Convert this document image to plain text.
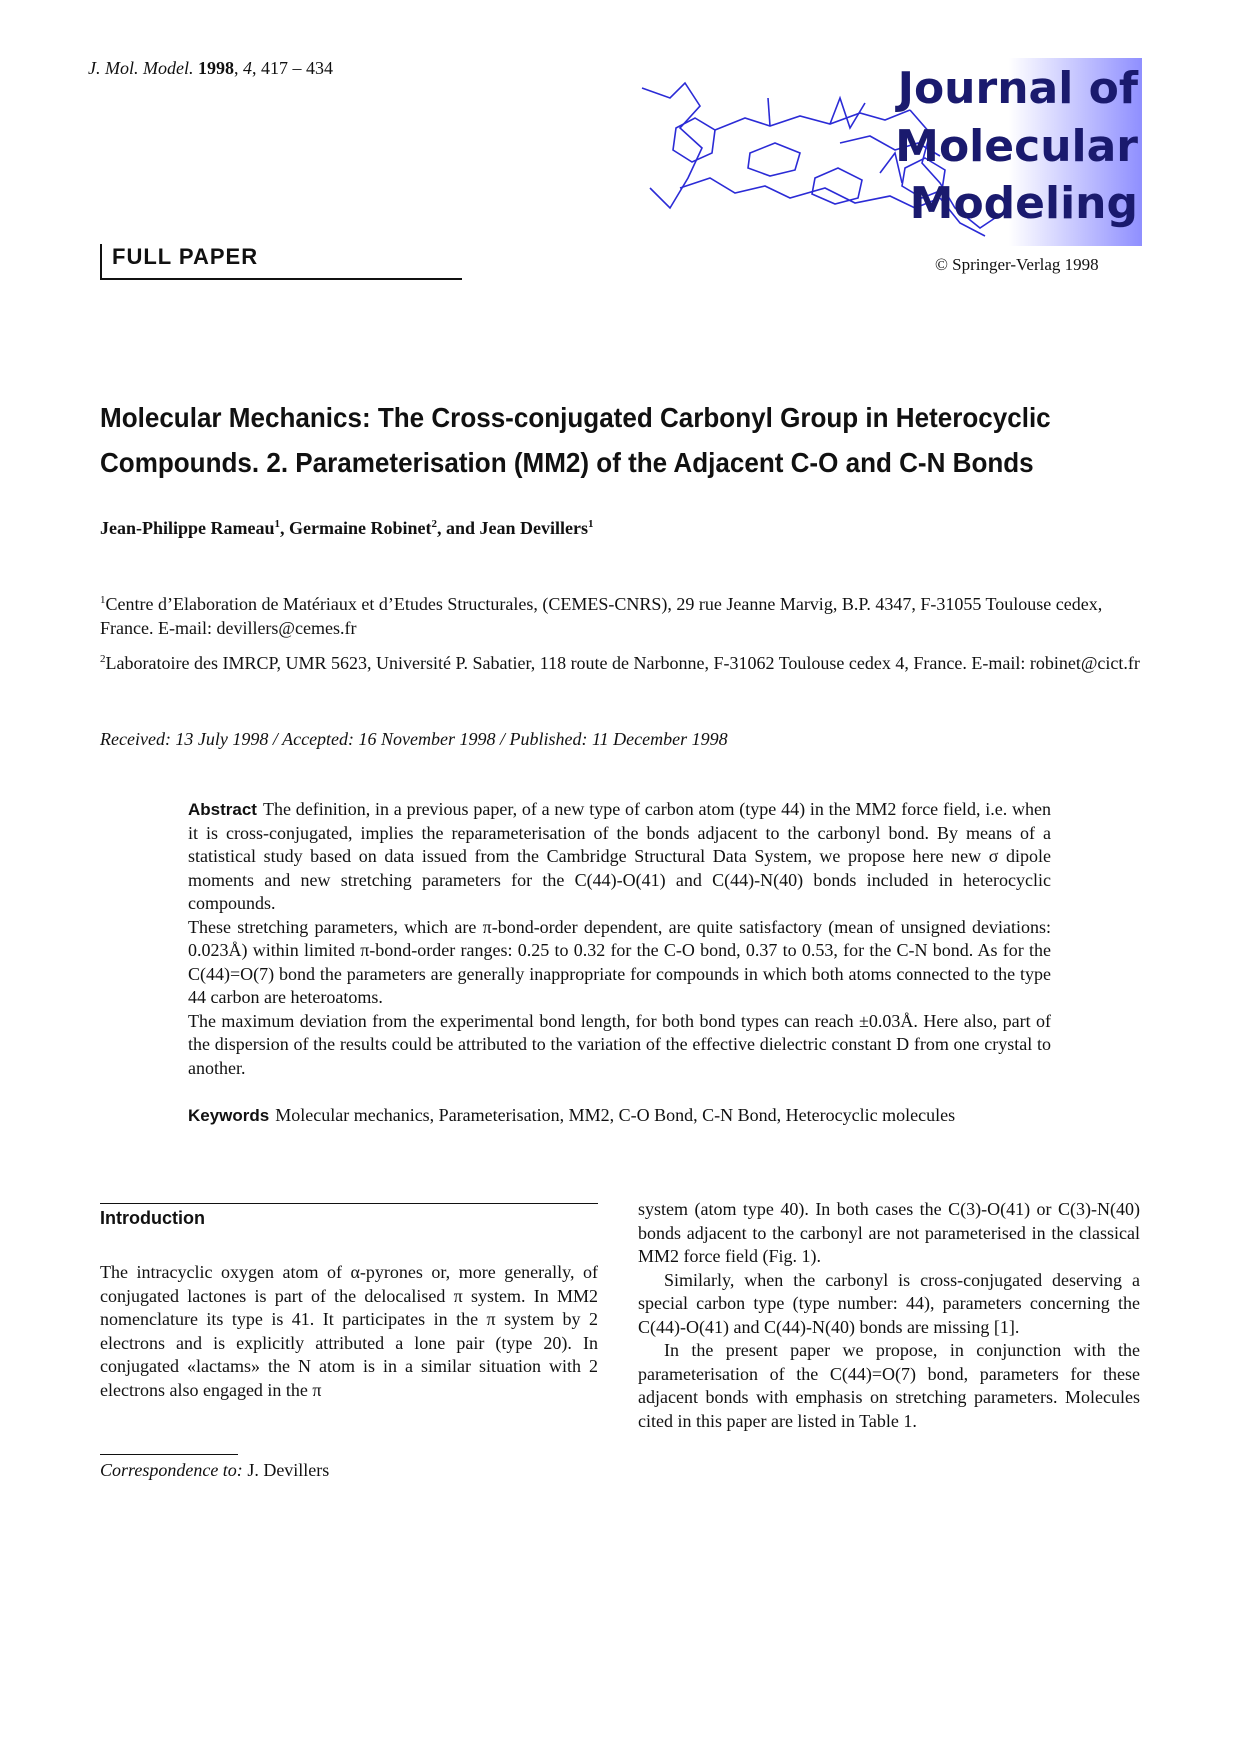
J. Mol. Model. 1998, 4, 417 – 434	Journal of
Molecular
Modeling
© Springer-Verlag 1998
FULL PAPER
Molecular Mechanics: The Cross-conjugated Carbonyl Group in Heterocyclic
Compounds. 2. Parameterisation (MM2) of the Adjacent C-O and C-N Bonds
Jean-Philippe Rameau$^1$, Germaine Robinet$^2$, and Jean Devillers$^1$
$^1$Centre d’Elaboration de Matériaux et d’Etudes Structurales, (CEMES-CNRS), 29 rue Jeanne Marvig, B.P. 4347, F-31055 Toulouse cedex, France. E-mail: devillers@cemes.fr
$^2$Laboratoire des IMRCP, UMR 5623, Université P. Sabatier, 118 route de Narbonne, F-31062 Toulouse cedex 4, France. E-mail: robinet@cict.fr
Received: 13 July 1998 / Accepted: 16 November 1998 / Published: 11 December 1998

Abstract The definition, in a previous paper, of a new type of carbon atom (type 44) in the MM2 force field, i.e. when it is cross-conjugated, implies the reparameterisation of the bonds adjacent to the carbonyl bond. By means of a statistical study based on data issued from the Cambridge Structural Data System, we propose here new σ dipole moments and new stretching parameters for the C(44)-O(41) and C(44)-N(40) bonds included in heterocyclic compounds.

These stretching parameters, which are π-bond-order dependent, are quite satisfactory (mean of unsigned deviations: 0.023Å) within limited π-bond-order ranges: 0.25 to 0.32 for the C-O bond, 0.37 to 0.53, for the C-N bond. As for the C(44)=O(7) bond the parameters are generally inappropriate for compounds in which both atoms connected to the type 44 carbon are heteroatoms.

The maximum deviation from the experimental bond length, for both bond types can reach ±0.03Å. Here also, part of the dispersion of the results could be attributed to the variation of the effective dielectric constant D from one crystal to another.

Keywords Molecular mechanics, Parameterisation, MM2, C-O Bond, C-N Bond, Heterocyclic molecules
Introduction

The intracyclic oxygen atom of α-pyrones or, more generally, of conjugated lactones is part of the delocalised π system. In MM2 nomenclature its type is 41. It participates in the π system by 2 electrons and is explicitly attributed a lone pair (type 20). In conjugated «lactams» the N atom is in a similar situation with 2 electrons also engaged in the π

system (atom type 40). In both cases the C(3)-O(41) or C(3)-N(40) bonds adjacent to the carbonyl are not parameterised in the classical MM2 force field (Fig. 1).

Similarly, when the carbonyl is cross-conjugated deserving a special carbon type (type number: 44), parameters concerning the C(44)-O(41) and C(44)-N(40) bonds are missing [1].

In the present paper we propose, in conjunction with the parameterisation of the C(44)=O(7) bond, parameters for these adjacent bonds with emphasis on stretching parameters. Molecules cited in this paper are listed in Table 1.

Correspondence to: J. Devillers
